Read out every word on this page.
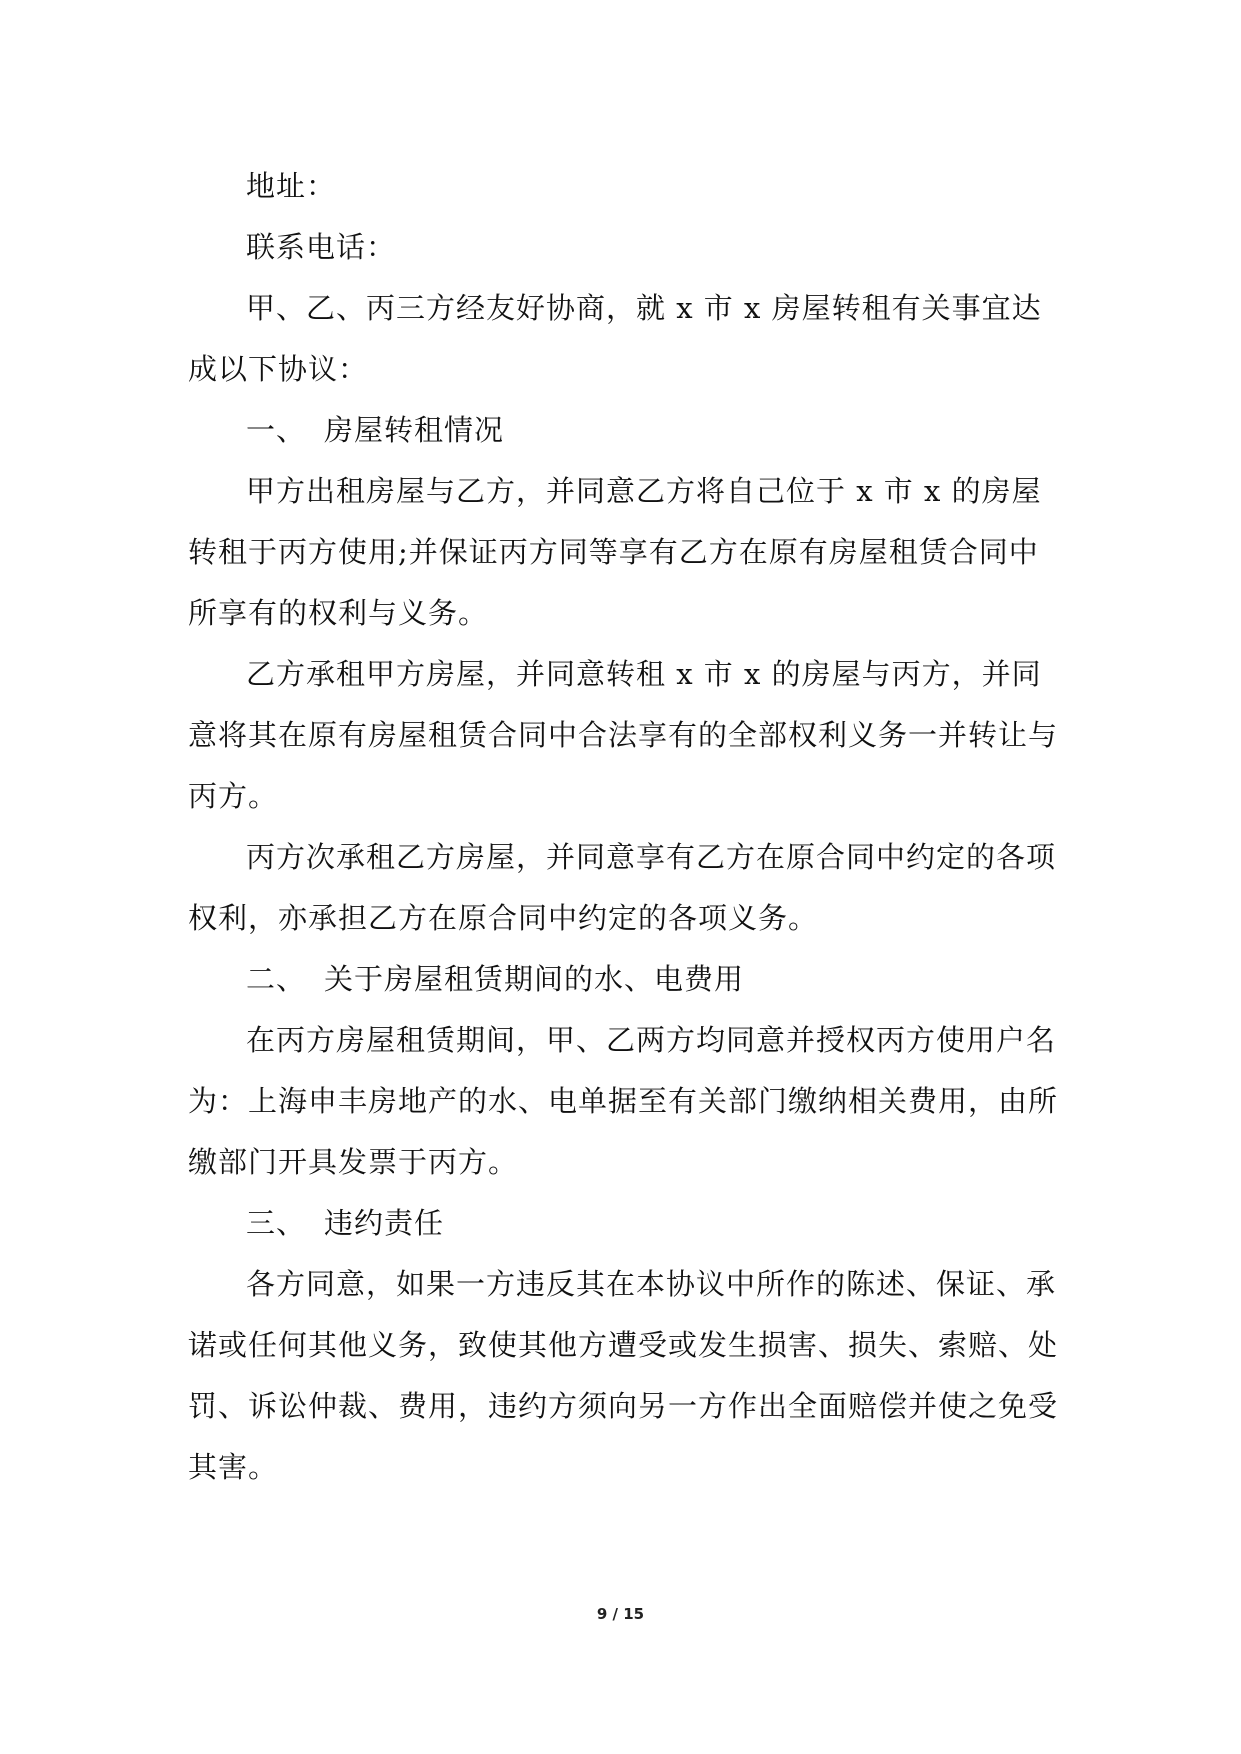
地址：

联系电话：

甲、乙、丙三方经友好协商，就 x 市 x 房屋转租有关事宜达成以下协议：

一、 房屋转租情况

甲方出租房屋与乙方，并同意乙方将自己位于 x 市 x 的房屋转租于丙方使用;并保证丙方同等享有乙方在原有房屋租赁合同中所享有的权利与义务。

乙方承租甲方房屋，并同意转租 x 市 x 的房屋与丙方，并同意将其在原有房屋租赁合同中合法享有的全部权利义务一并转让与丙方。

丙方次承租乙方房屋，并同意享有乙方在原合同中约定的各项权利，亦承担乙方在原合同中约定的各项义务。

二、 关于房屋租赁期间的水、电费用

在丙方房屋租赁期间，甲、乙两方均同意并授权丙方使用户名为：上海申丰房地产的水、电单据至有关部门缴纳相关费用，由所缴部门开具发票于丙方。

三、 违约责任

各方同意，如果一方违反其在本协议中所作的陈述、保证、承诺或任何其他义务，致使其他方遭受或发生损害、损失、索赔、处罚、诉讼仲裁、费用，违约方须向另一方作出全面赔偿并使之免受其害。

9 / 15
